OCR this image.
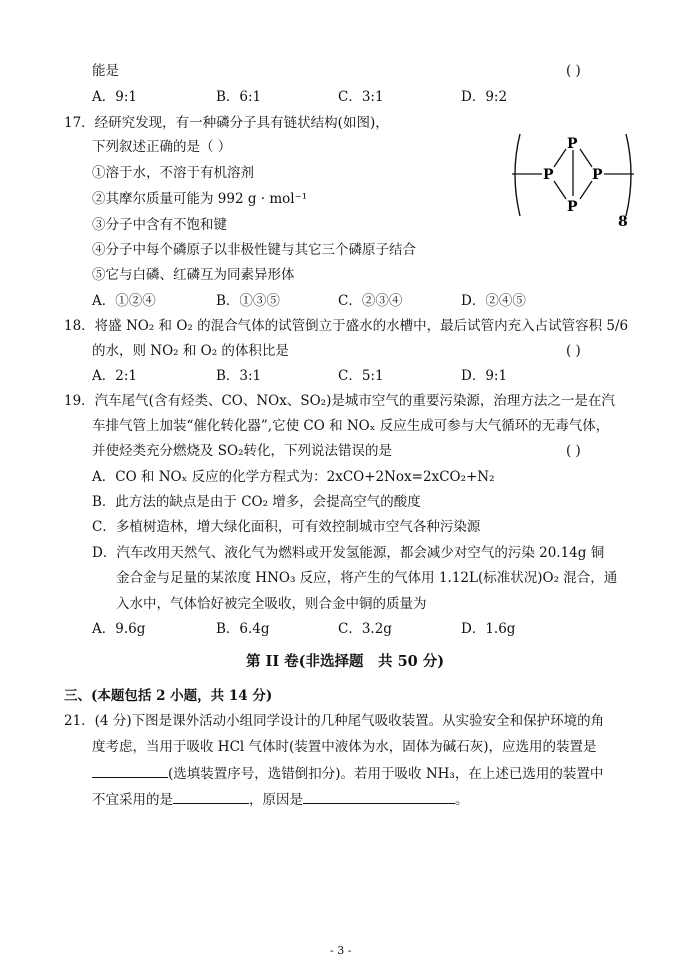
能是	( )
A．9:1	B．6:1	C．3:1	D．9:2
17．经研究发现，有一种磷分子具有链状结构(如图)，
下列叙述正确的是（ ）
①溶于水，不溶于有机溶剂
②其摩尔质量可能为 992 g · mol⁻¹
③分子中含有不饱和键
④分子中每个磷原子以非极性键与其它三个磷原子结合
⑤它与白磷、红磷互为同素异形体
A．①②④	B．①③⑤	C．②③④	D．②④⑤
P
P	P
P
8
18．将盛 NO₂ 和 O₂ 的混合气体的试管倒立于盛水的水槽中，最后试管内充入占试管容积 5/6
的水，则 NO₂ 和 O₂ 的体积比是	( )
A．2:1	B．3:1	C．5:1	D．9:1
19．汽车尾气(含有烃类、CO、NOx、SO₂)是城市空气的重要污染源，治理方法之一是在汽
车排气管上加装“催化转化器”,它使 CO 和 NOₓ 反应生成可参与大气循环的无毒气体，
并使烃类充分燃烧及 SO₂转化，下列说法错误的是	( )
A．CO 和 NOₓ 反应的化学方程式为：2xCO+2Nox=2xCO₂+N₂
B．此方法的缺点是由于 CO₂ 增多，会提高空气的酸度
C．多植树造林，增大绿化面积，可有效控制城市空气各种污染源
D．汽车改用天然气、液化气为燃料或开发氢能源，都会减少对空气的污染 20.14g 铜
金合金与足量的某浓度 HNO₃ 反应，将产生的气体用 1.12L(标准状况)O₂ 混合，通
入水中，气体恰好被完全吸收，则合金中铜的质量为
A．9.6g	B．6.4g	C．3.2g	D．1.6g
第 II 卷(非选择题　共 50 分)
三、(本题包括 2 小题，共 14 分)
21．(4 分)下图是课外活动小组同学设计的几种尾气吸收装置。从实验安全和保护环境的角
度考虑，当用于吸收 HCl 气体时(装置中液体为水，固体为碱石灰)，应选用的装置是
(选填装置序号，选错倒扣分)。若用于吸收 NH₃，在上述已选用的装置中
不宜采用的是	，原因是	。
- 3 -
